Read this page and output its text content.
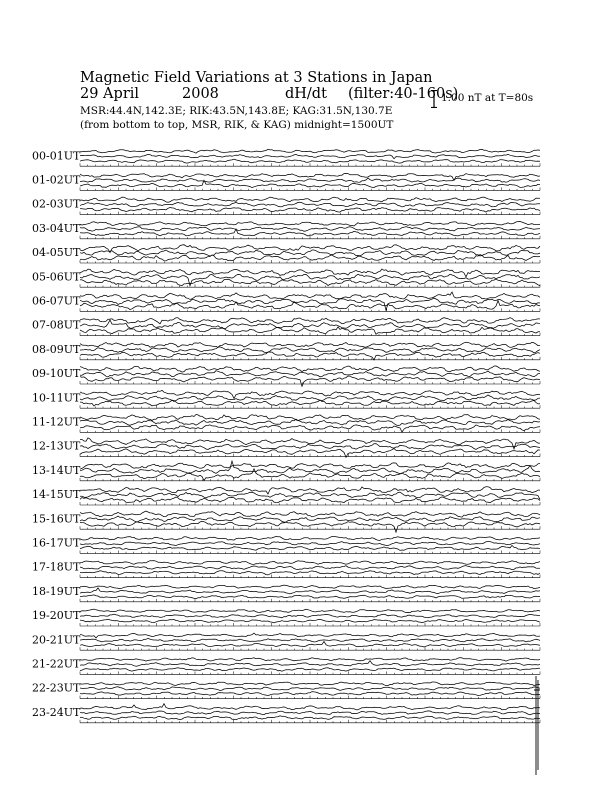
Magnetic Field Variations at 3 Stations in Japan
29 April	2008	dH/dt (filter:40-160s)
MSR:44.4N,142.3E; RIK:43.5N,143.8E; KAG:31.5N,130.7E
(from bottom to top, MSR, RIK, & KAG) midnight=1500UT
1.00 nT at T=80s
00-01UT
01-02UT
02-03UT
03-04UT
04-05UT
05-06UT
06-07UT
07-08UT
08-09UT
09-10UT
10-11UT
11-12UT
12-13UT
13-14UT
14-15UT
15-16UT
16-17UT
17-18UT
18-19UT
19-20UT
20-21UT
21-22UT
22-23UT
23-24UT
